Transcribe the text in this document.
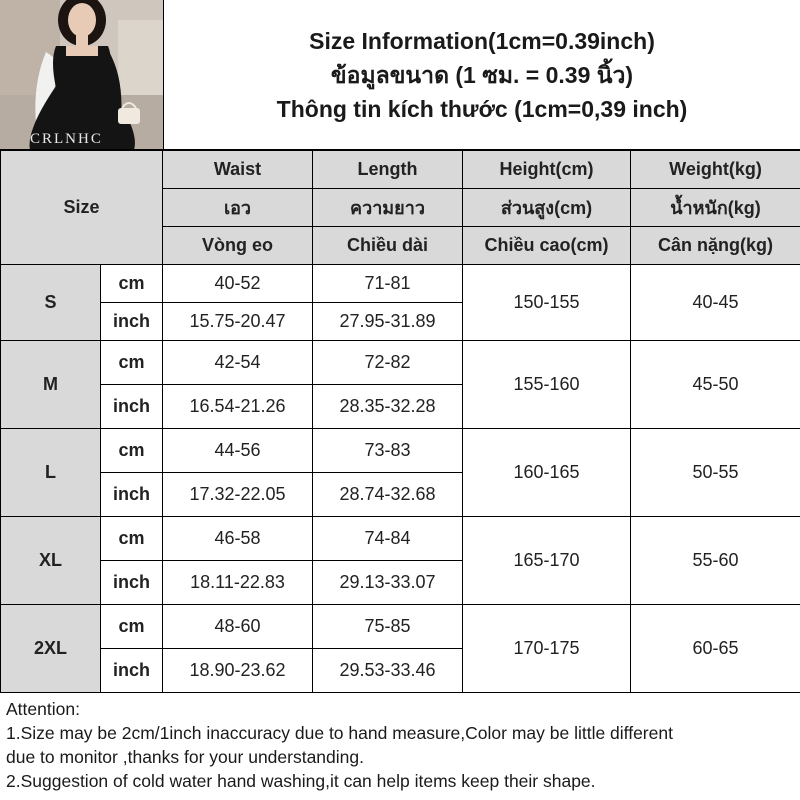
CRLNHC
Size Information(1cm=0.39inch)
ข้อมูลขนาด (1 ซม. = 0.39 นิ้ว)
Thông tin kích thước (1cm=0,39 inch)
Size		Waist	Length	Height(cm)	Weight(kg)
		เอว	ความยาว	ส่วนสูง(cm)	น้ำหนัก(kg)
		Vòng eo	Chiều dài	Chiều cao(cm)	Cân nặng(kg)
S	cm	40-52	71-81	150-155	40-45
	inch	15.75-20.47	27.95-31.89		
M	cm	42-54	72-82	155-160	45-50
	inch	16.54-21.26	28.35-32.28		
L	cm	44-56	73-83	160-165	50-55
	inch	17.32-22.05	28.74-32.68		
XL	cm	46-58	74-84	165-170	55-60
	inch	18.11-22.83	29.13-33.07		
2XL	cm	48-60	75-85	170-175	60-65
	inch	18.90-23.62	29.53-33.46		
Attention:
1.Size may be 2cm/1inch inaccuracy due to hand measure,Color may be little different
due to monitor ,thanks for your understanding.
2.Suggestion of cold water hand washing,it can help items keep their shape.
